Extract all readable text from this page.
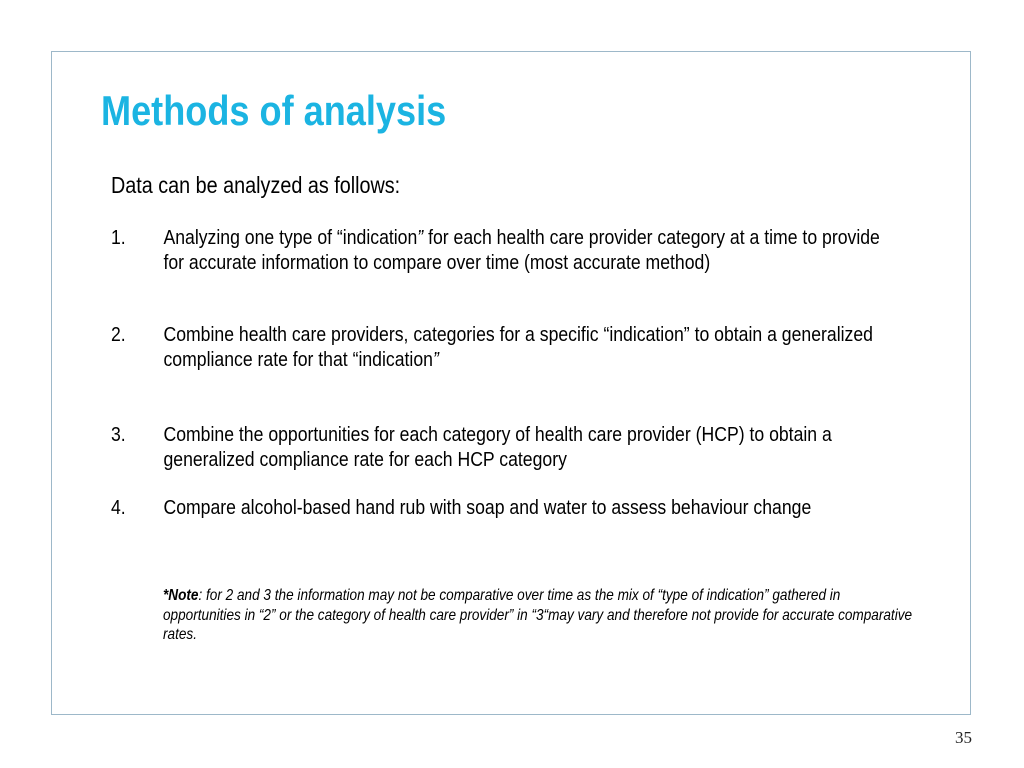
Methods of analysis
Data can be analyzed as follows:
1. Analyzing one type of “indication” for each health care provider category at a time to provide for accurate information to compare over time (most accurate method)
2. Combine health care providers, categories for a specific “indication” to obtain a generalized compliance rate for that “indication”
3. Combine the opportunities for each category of health care provider (HCP) to obtain a generalized compliance rate for each HCP category
4. Compare alcohol-based hand rub with soap and water to assess behaviour change
*Note: for 2 and 3 the information may not be comparative over time as the mix of “type of indication” gathered in opportunities in “2” or the category of health care provider” in “3“may vary and therefore not provide for accurate comparative rates.
35
